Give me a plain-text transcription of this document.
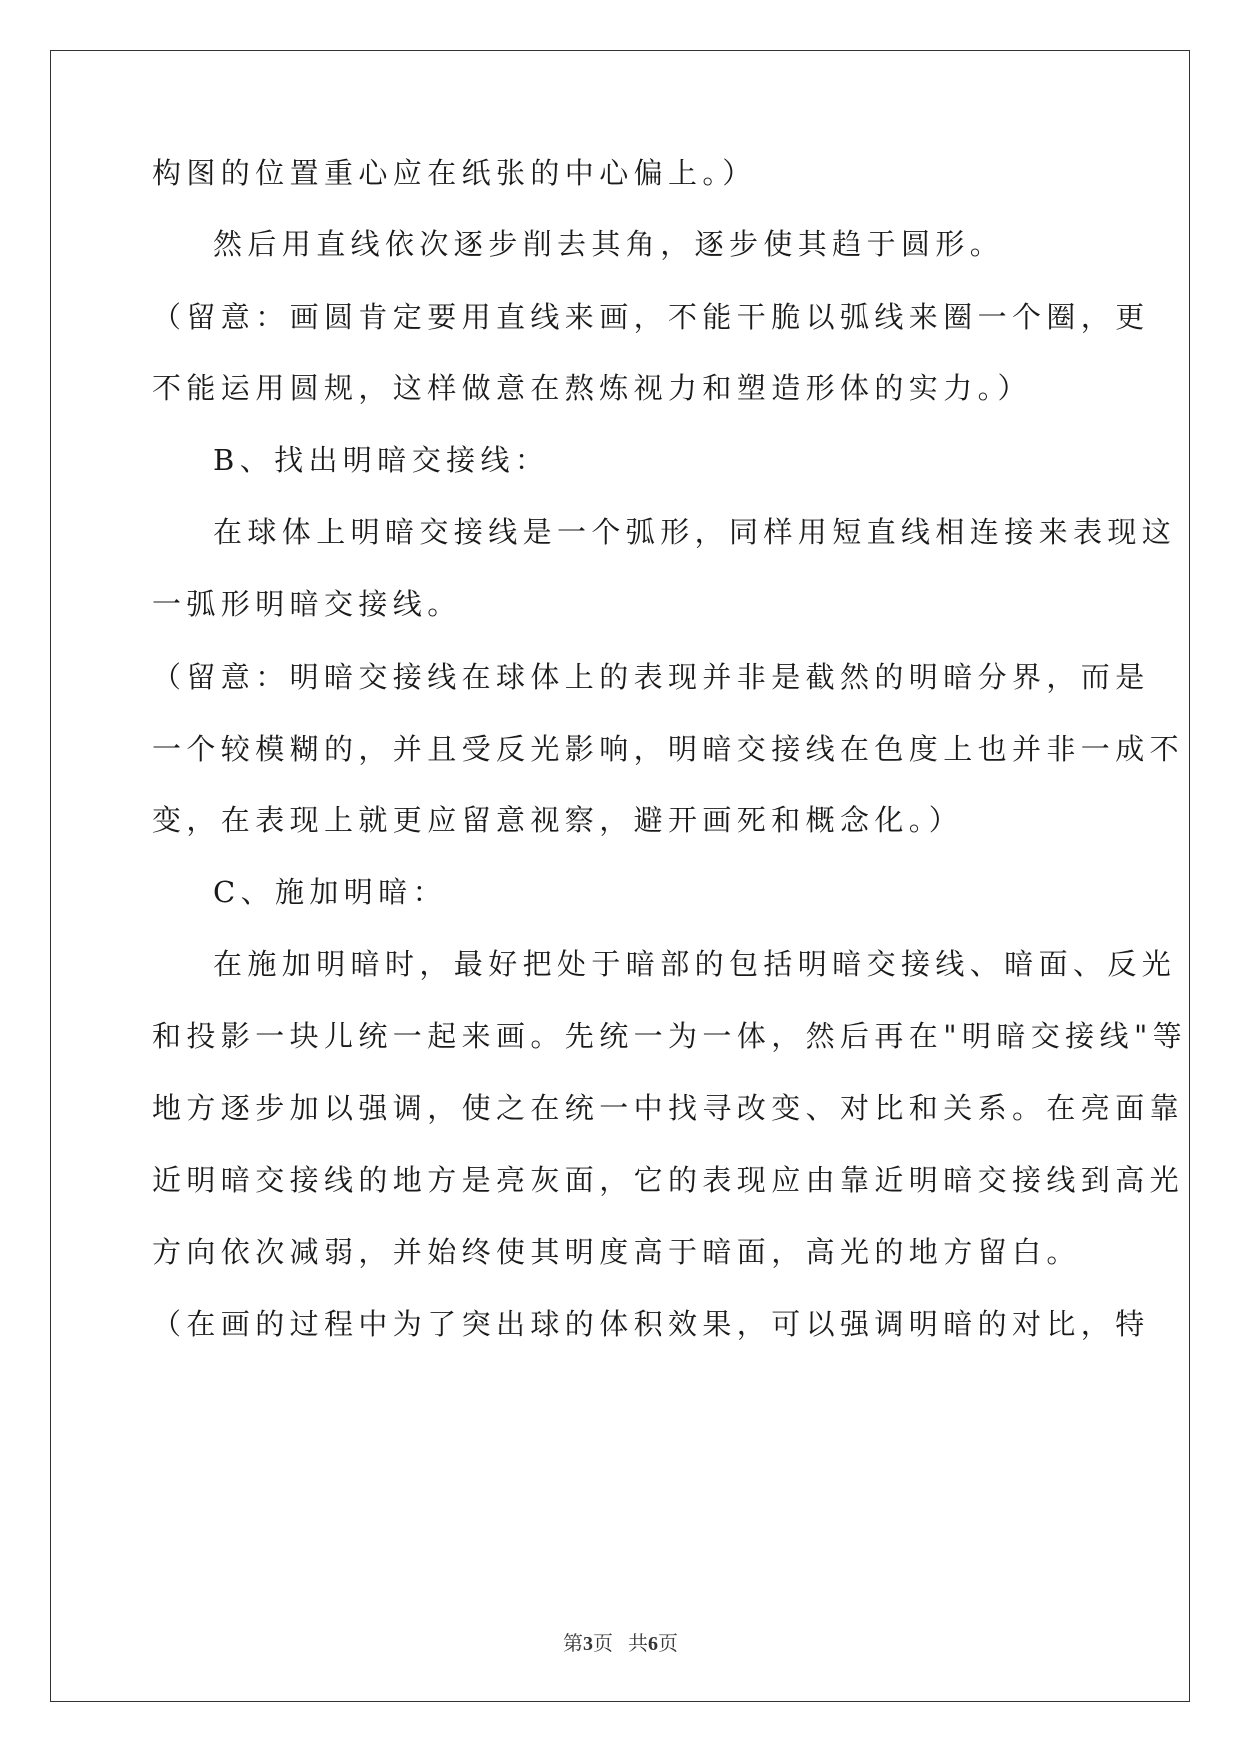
构图的位置重心应在纸张的中心偏上。）
然后用直线依次逐步削去其角，逐步使其趋于圆形。
（留意：画圆肯定要用直线来画，不能干脆以弧线来圈一个圈，更
不能运用圆规，这样做意在熬炼视力和塑造形体的实力。）
B、找出明暗交接线：
在球体上明暗交接线是一个弧形，同样用短直线相连接来表现这
一弧形明暗交接线。
（留意：明暗交接线在球体上的表现并非是截然的明暗分界，而是
一个较模糊的，并且受反光影响，明暗交接线在色度上也并非一成不
变，在表现上就更应留意视察，避开画死和概念化。）
C、施加明暗：
在施加明暗时，最好把处于暗部的包括明暗交接线、暗面、反光
和投影一块儿统一起来画。先统一为一体，然后再在"明暗交接线"等
地方逐步加以强调，使之在统一中找寻改变、对比和关系。在亮面靠
近明暗交接线的地方是亮灰面，它的表现应由靠近明暗交接线到高光
方向依次减弱，并始终使其明度高于暗面，高光的地方留白。
（在画的过程中为了突出球的体积效果，可以强调明暗的对比，特
第3页 共6页
